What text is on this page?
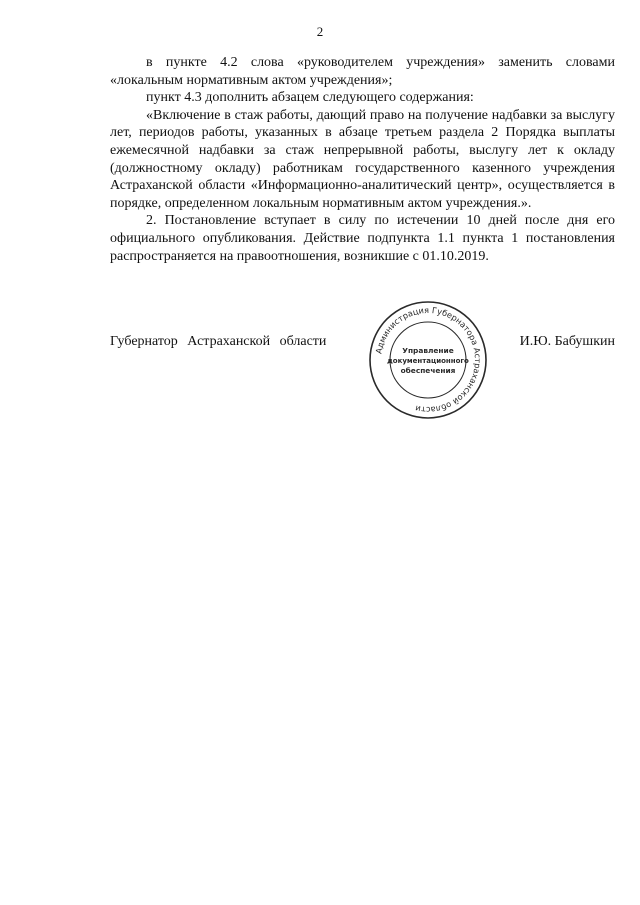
2

в пункте 4.2 слова «руководителем учреждения» заменить словами «локальным нормативным актом учреждения»;

пункт 4.3 дополнить абзацем следующего содержания:

«Включение в стаж работы, дающий право на получение надбавки за выслугу лет, периодов работы, указанных в абзаце третьем раздела 2 Порядка выплаты ежемесячной надбавки за стаж непрерывной работы, выслугу лет к окладу (должностному окладу) работникам государственного казенного учреждения Астраханской области «Информационно-аналитический центр», осуществляется в порядке, определенном локальным нормативным актом учреждения.».

2. Постановление вступает в силу по истечении 10 дней после дня его официального опубликования. Действие подпункта 1.1 пункта 1 постановления распространяется на правоотношения, возникшие с 01.10.2019.

Губернатор Астраханской области
Администрация Губернатора Астраханской области
Управление
документационного
обеспечения
И.Ю. Бабушкин
